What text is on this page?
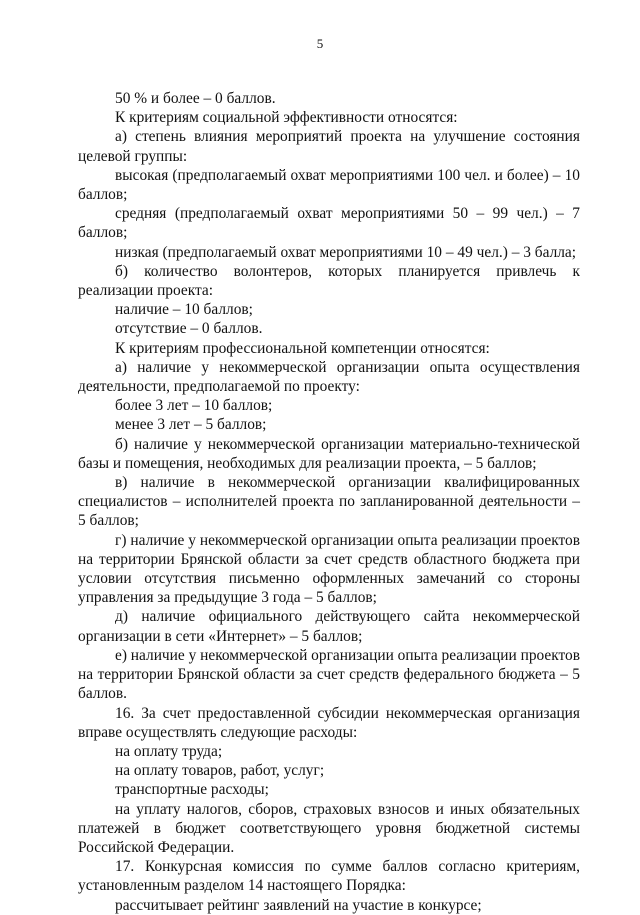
5

50 % и более – 0 баллов.

К критериям социальной эффективности относятся:

а) степень влияния мероприятий проекта на улучшение состояния целевой группы:

высокая (предполагаемый охват мероприятиями 100 чел. и более) – 10 баллов;

средняя (предполагаемый охват мероприятиями 50 – 99 чел.) – 7 баллов;

низкая (предполагаемый охват мероприятиями 10 – 49 чел.) – 3 балла;

б) количество волонтеров, которых планируется привлечь к реализации проекта:

наличие – 10 баллов;

отсутствие – 0 баллов.

К критериям профессиональной компетенции относятся:

а) наличие у некоммерческой организации опыта осуществления деятельности, предполагаемой по проекту:

более 3 лет – 10 баллов;

менее 3 лет – 5 баллов;

б) наличие у некоммерческой организации материально-технической базы и помещения, необходимых для реализации проекта, – 5 баллов;

в) наличие в некоммерческой организации квалифицированных специалистов – исполнителей проекта по запланированной деятельности – 5 баллов;

г) наличие у некоммерческой организации опыта реализации проектов на территории Брянской области за счет средств областного бюджета при условии отсутствия письменно оформленных замечаний со стороны управления за предыдущие 3 года – 5 баллов;

д) наличие официального действующего сайта некоммерческой организации в сети «Интернет» – 5 баллов;

е) наличие у некоммерческой организации опыта реализации проектов на территории Брянской области за счет средств федерального бюджета – 5 баллов.

16. За счет предоставленной субсидии некоммерческая организация вправе осуществлять следующие расходы:

на оплату труда;

на оплату товаров, работ, услуг;

транспортные расходы;

на уплату налогов, сборов, страховых взносов и иных обязательных платежей в бюджет соответствующего уровня бюджетной системы Российской Федерации.

17. Конкурсная комиссия по сумме баллов согласно критериям, установленным разделом 14 настоящего Порядка:

рассчитывает рейтинг заявлений на участие в конкурсе;
